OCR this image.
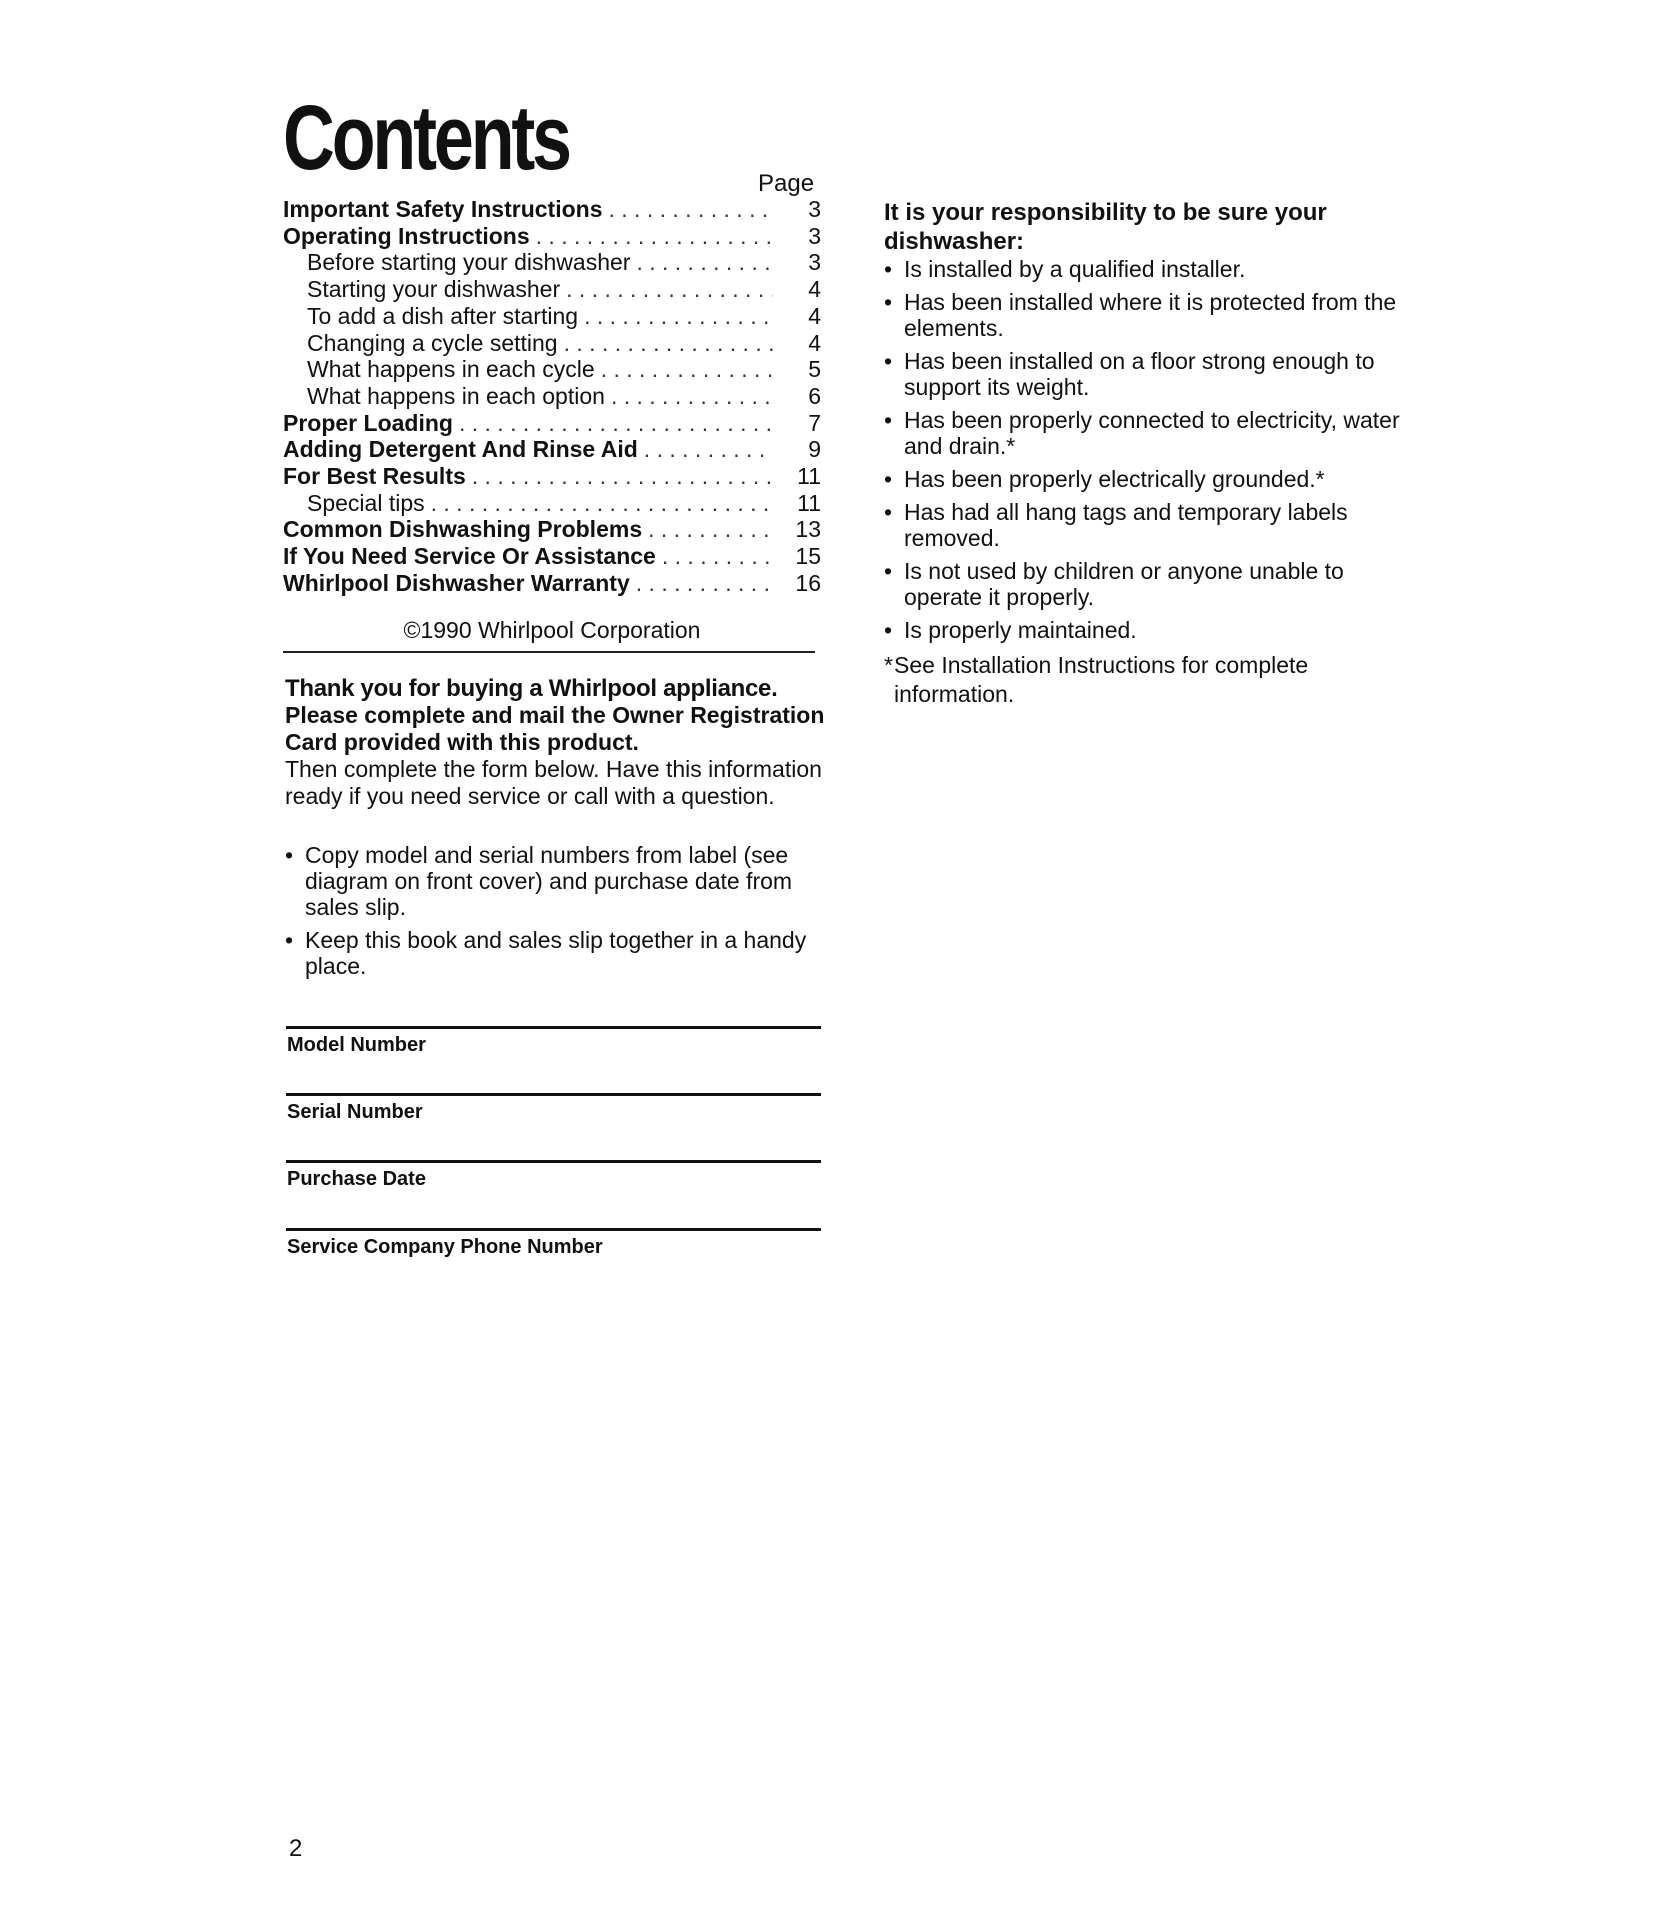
Contents	Page
Important Safety Instructions . . .	3
Operating Instructions . . .	3
Before starting your dishwasher . . .	3
Starting your dishwasher . . .	4
To add a dish after starting . . .	4
Changing a cycle setting . . .	4
What happens in each cycle . . .	5
What happens in each option . . .	6
Proper Loading . . .	7
Adding Detergent And Rinse Aid . . .	9
For Best Results . . .	11
Special tips . . .	11
Common Dishwashing Problems . . .	13
If You Need Service Or Assistance . . .	15
Whirlpool Dishwasher Warranty . . .	16
©1990 Whirlpool Corporation
Thank you for buying a Whirlpool appliance.
Please complete and mail the Owner Registration Card provided with this product.
Then complete the form below. Have this information ready if you need service or call with a question.
• Copy model and serial numbers from label (see diagram on front cover) and purchase date from sales slip.
• Keep this book and sales slip together in a handy place.
Model Number
Serial Number
Purchase Date
Service Company Phone Number
It is your responsibility to be sure your dishwasher:
• Is installed by a qualified installer.
• Has been installed where it is protected from the elements.
• Has been installed on a floor strong enough to support its weight.
• Has been properly connected to electricity, water and drain.*
• Has been properly electrically grounded.*
• Has had all hang tags and temporary labels removed.
• Is not used by children or anyone unable to operate it properly.
• Is properly maintained.
* See Installation Instructions for complete information.
2
